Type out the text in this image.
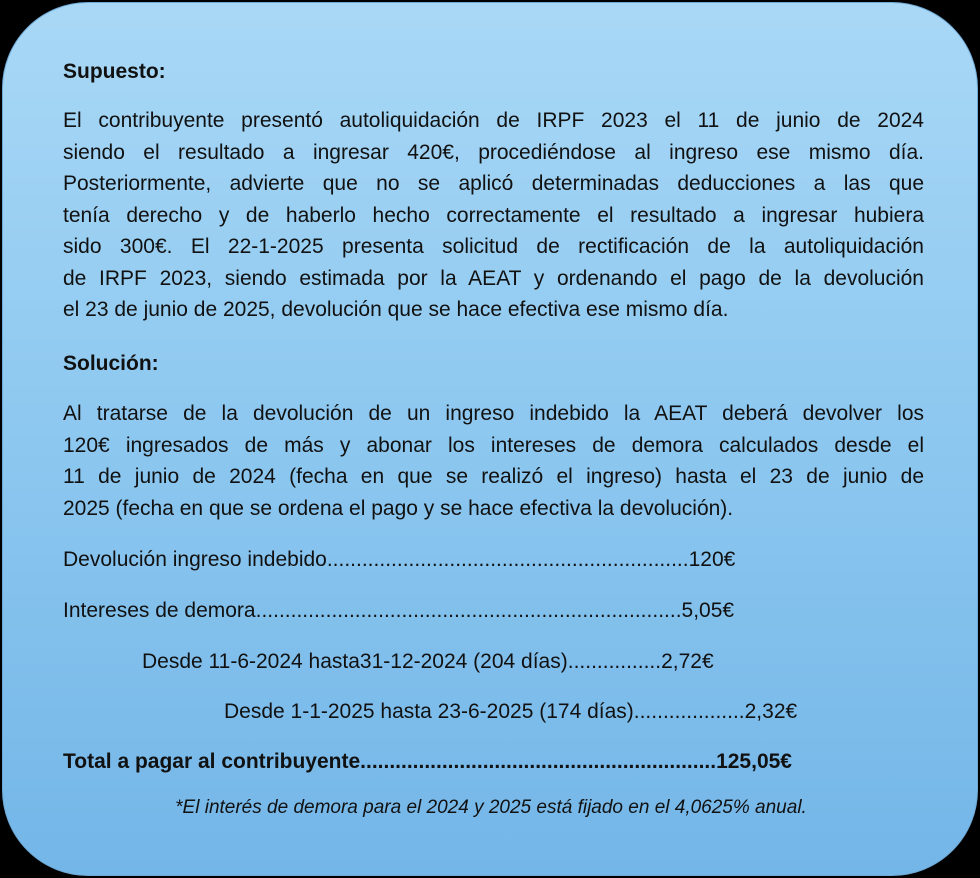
Supuesto:
El contribuyente presentó autoliquidación de IRPF 2023 el 11 de junio de 2024
siendo el resultado a ingresar 420€, procediéndose al ingreso ese mismo día.
Posteriormente, advierte que no se aplicó determinadas deducciones a las que
tenía derecho y de haberlo hecho correctamente el resultado a ingresar hubiera
sido 300€. El 22-1-2025 presenta solicitud de rectificación de la autoliquidación
de IRPF 2023, siendo estimada por la AEAT y ordenando el pago de la devolución
el 23 de junio de 2025, devolución que se hace efectiva ese mismo día.
Solución:
Al tratarse de la devolución de un ingreso indebido la AEAT deberá devolver los
120€ ingresados de más y abonar los intereses de demora calculados desde el
11 de junio de 2024 (fecha en que se realizó el ingreso) hasta el 23 de junio de
2025 (fecha en que se ordena el pago y se hace efectiva la devolución).
Devolución ingreso indebido..............................................................120€
Intereses de demora.........................................................................5,05€
Desde 11-6-2024 hasta31-12-2024 (204 días)................2,72€
Desde 1-1-2025 hasta 23-6-2025 (174 días)...................2,32€
Total a pagar al contribuyente.............................................................125,05€
*El interés de demora para el 2024 y 2025 está fijado en el 4,0625% anual.
